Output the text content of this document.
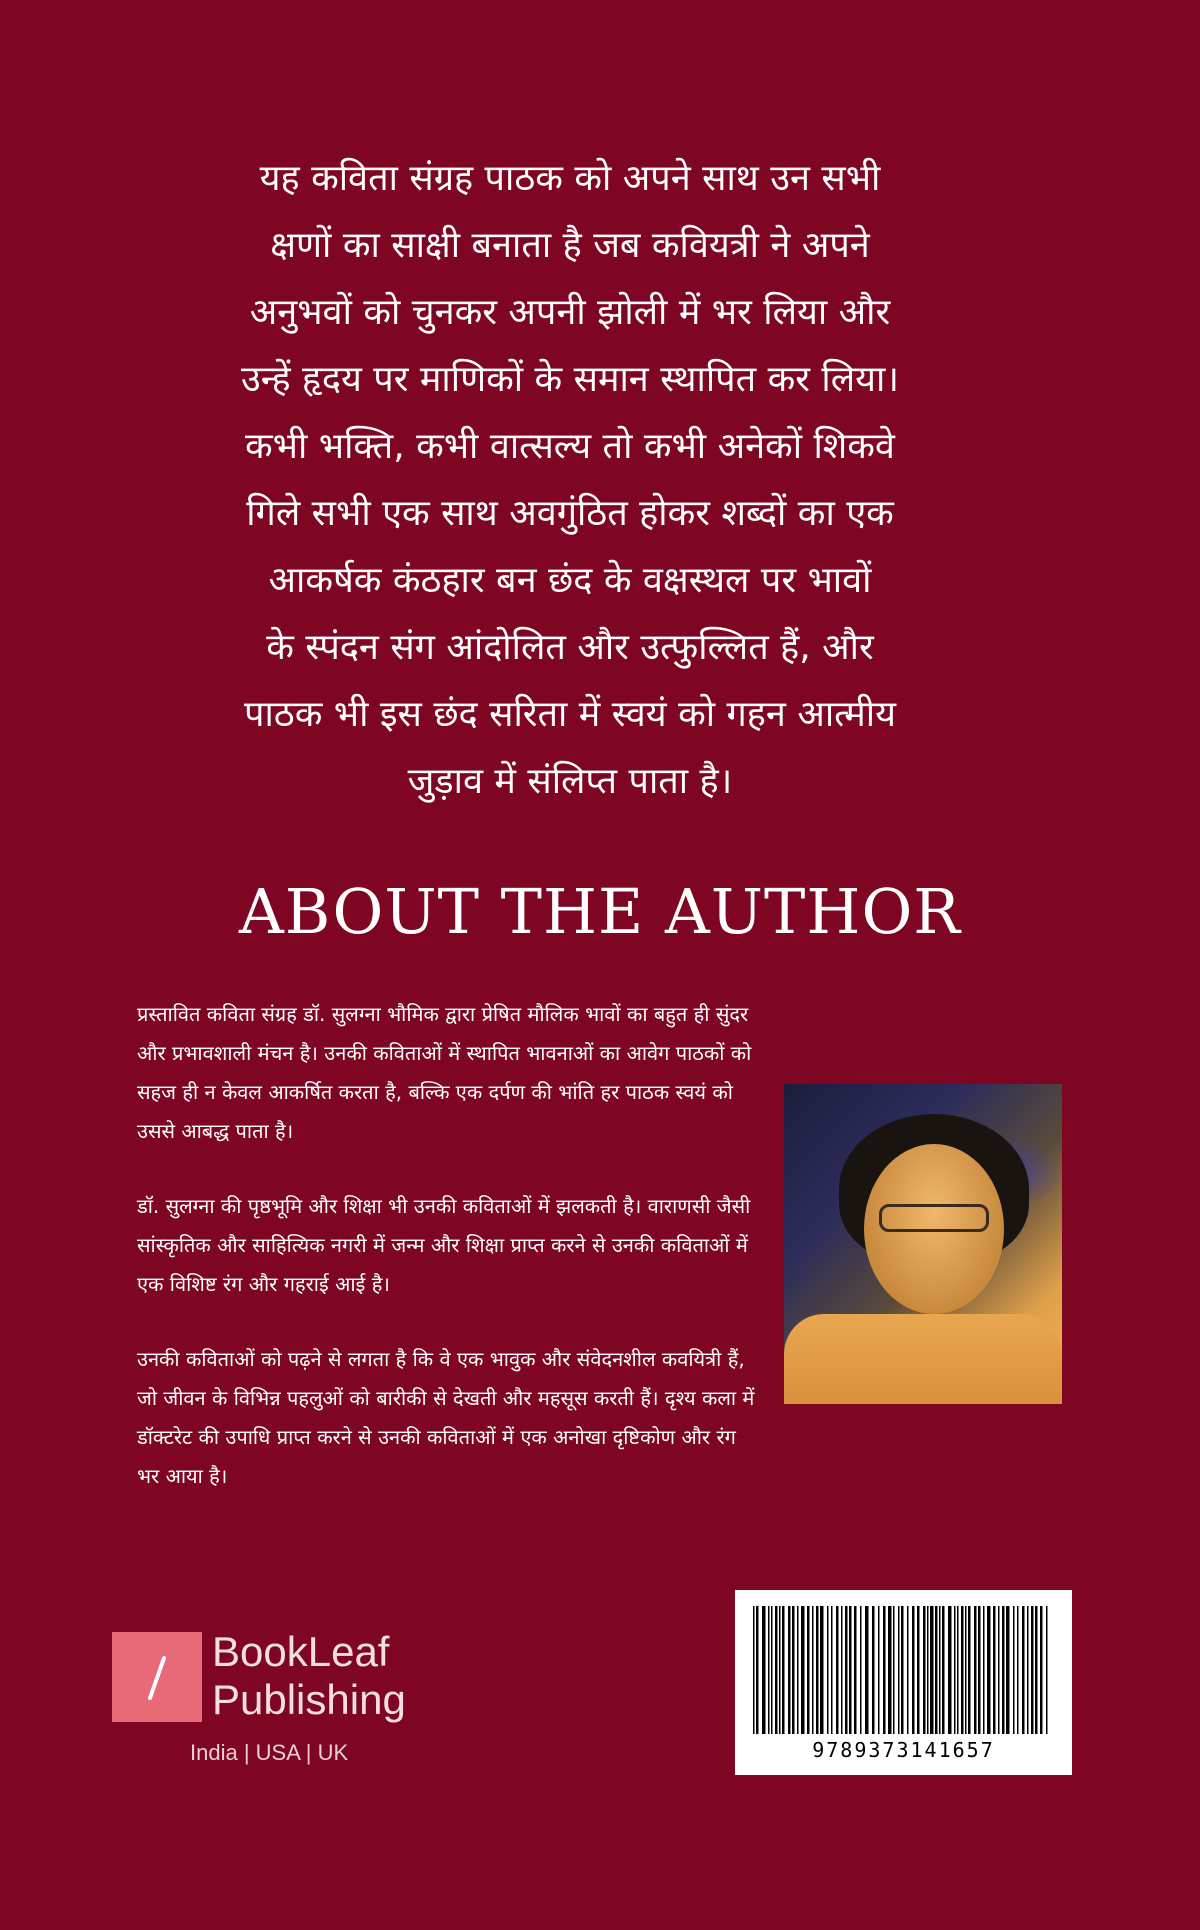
यह कविता संग्रह पाठक को अपने साथ उन सभी
क्षणों का साक्षी बनाता है जब कवियत्री ने अपने
अनुभवों को चुनकर अपनी झोली में भर लिया और
उन्हें हृदय पर माणिकों के समान स्थापित कर लिया।
कभी भक्ति, कभी वात्सल्य तो कभी अनेकों शिकवे
गिले सभी एक साथ अवगुंठित होकर शब्दों का एक
आकर्षक कंठहार बन छंद के वक्षस्थल पर भावों
के स्पंदन संग आंदोलित और उत्फुल्लित हैं, और
पाठक भी इस छंद सरिता में स्वयं को गहन आत्मीय
जुड़ाव में संलिप्त पाता है।
ABOUT THE AUTHOR

प्रस्तावित कविता संग्रह डॉ. सुलग्ना भौमिक द्वारा प्रेषित मौलिक भावों का बहुत ही सुंदर और प्रभावशाली मंचन है। उनकी कविताओं में स्थापित भावनाओं का आवेग पाठकों को सहज ही न केवल आकर्षित करता है, बल्कि एक दर्पण की भांति हर पाठक स्वयं को उससे आबद्ध पाता है।

डॉ. सुलग्ना की पृष्ठभूमि और शिक्षा भी उनकी कविताओं में झलकती है। वाराणसी जैसी सांस्कृतिक और साहित्यिक नगरी में जन्म और शिक्षा प्राप्त करने से उनकी कविताओं में एक विशिष्ट रंग और गहराई आई है।

उनकी कविताओं को पढ़ने से लगता है कि वे एक भावुक और संवेदनशील कवयित्री हैं, जो जीवन के विभिन्न पहलुओं को बारीकी से देखती और महसूस करती हैं। दृश्य कला में डॉक्टरेट की उपाधि प्राप्त करने से उनकी कविताओं में एक अनोखा दृष्टिकोण और रंग भर आया है।

BookLeaf
Publishing
India | USA | UK	9789373141657
